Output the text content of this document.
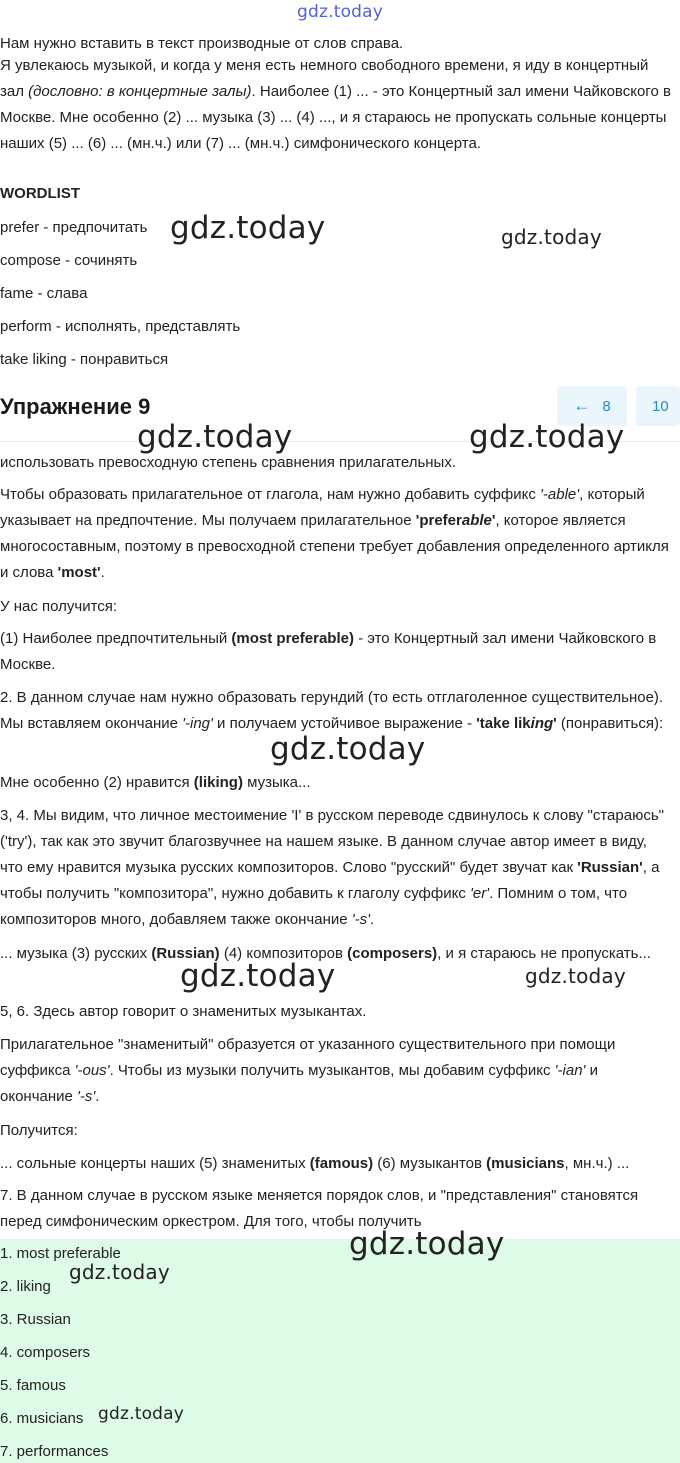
gdz.today

Нам нужно вставить в текст производные от слов справа.

Я увлекаюсь музыкой, и когда у меня есть немного свободного времени, я иду в концертный зал (дословно: в концертные залы). Наиболее (1) ... - это Концертный зал имени Чайковского в Москве. Мне особенно (2) ... музыка (3) ... (4) ..., и я стараюсь не пропускать сольные концерты наших (5) ... (6) ... (мн.ч.) или (7) ... (мн.ч.) симфонического концерта.

WORDLIST
prefer - предпочитать
compose - сочинять
fame - слава
perform - исполнять, представлять
take liking - понравиться
gdz.today	gdz.today
Упражнение 9	← 8	10
gdz.today	gdz.today

использовать превосходную степень сравнения прилагательных.

Чтобы образовать прилагательное от глагола, нам нужно добавить суффикс '-able', который указывает на предпочтение. Мы получаем прилагательное 'preferable', которое является многосоставным, поэтому в превосходной степени требует добавления определенного артикля и слова 'most'.

У нас получится:

(1) Наиболее предпочтительный (most preferable) - это Концертный зал имени Чайковского в Москве.

2. В данном случае нам нужно образовать герундий (то есть отглаголенное существительное). Мы вставляем окончание '-ing' и получаем устойчивое выражение - 'take liking' (понравиться):

gdz.today

Мне особенно (2) нравится (liking) музыка...

3, 4. Мы видим, что личное местоимение 'I' в русском переводе сдвинулось к слову "стараюсь" ('try'), так как это звучит благозвучнее на нашем языке. В данном случае автор имеет в виду, что ему нравится музыка русских композиторов. Слово "русский" будет звучат как 'Russian', а чтобы получить "композитора", нужно добавить к глаголу суффикс 'er'. Помним о том, что композиторов много, добавляем также окончание '-s'.

... музыка (3) русских (Russian) (4) композиторов (composers), и я стараюсь не пропускать...

gdz.today	gdz.today

5, 6. Здесь автор говорит о знаменитых музыкантах.

Прилагательное "знаменитый" образуется от указанного существительного при помощи суффикса '-ous'. Чтобы из музыки получить музыкантов, мы добавим суффикс '-ian' и окончание '-s'.

Получится:

... сольные концерты наших (5) знаменитых (famous) (6) музыкантов (musicians, мн.ч.) ...

7. В данном случае в русском языке меняется порядок слов, и "представления" становятся перед симфоническим оркестром. Для того, чтобы получить

1. most preferable
2. liking
3. Russian
4. composers
5. famous
6. musicians
7. performances
gdz.today
gdz.today
gdz.today
